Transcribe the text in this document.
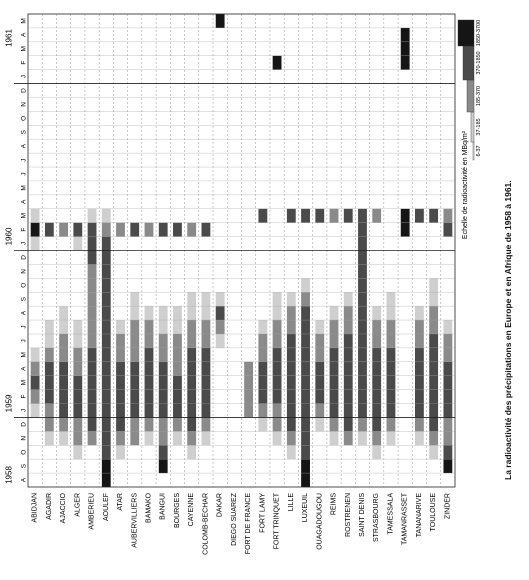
A
S
O
N
D
J
F
M
A
M
J
J
A
S
O
N
D
J
F
M
A
M
J
J
A
S
O
N
D
J
F
M
A
M
1958
1959
1960
1961
ABIDJAN AGADIR AJACCIO ALGER AMBERIEU AOULEF ATAR AUBERVILLIERS BAMAKO BANGUI BOURGES CAYENNE COLOMB-BECHAR DAKAR DIEGO SUAREZ FORT DE FRANCE FORT LAMY FORT TRINQUET LILLE LUXEUIL OUAGADOUGOU REIMS ROSTRENEN SAINT DENIS STRASBOURG TAMESSALA TAMANRASSET TANANARIVE TOULOUSE ZINDER
Echelle de radioactivité en MBq/m² 6-37
37-185
185-370
370-1850
1850-3700
La radioactivité des précipitations en Europe et en Afrique de 1958 à 1961.
